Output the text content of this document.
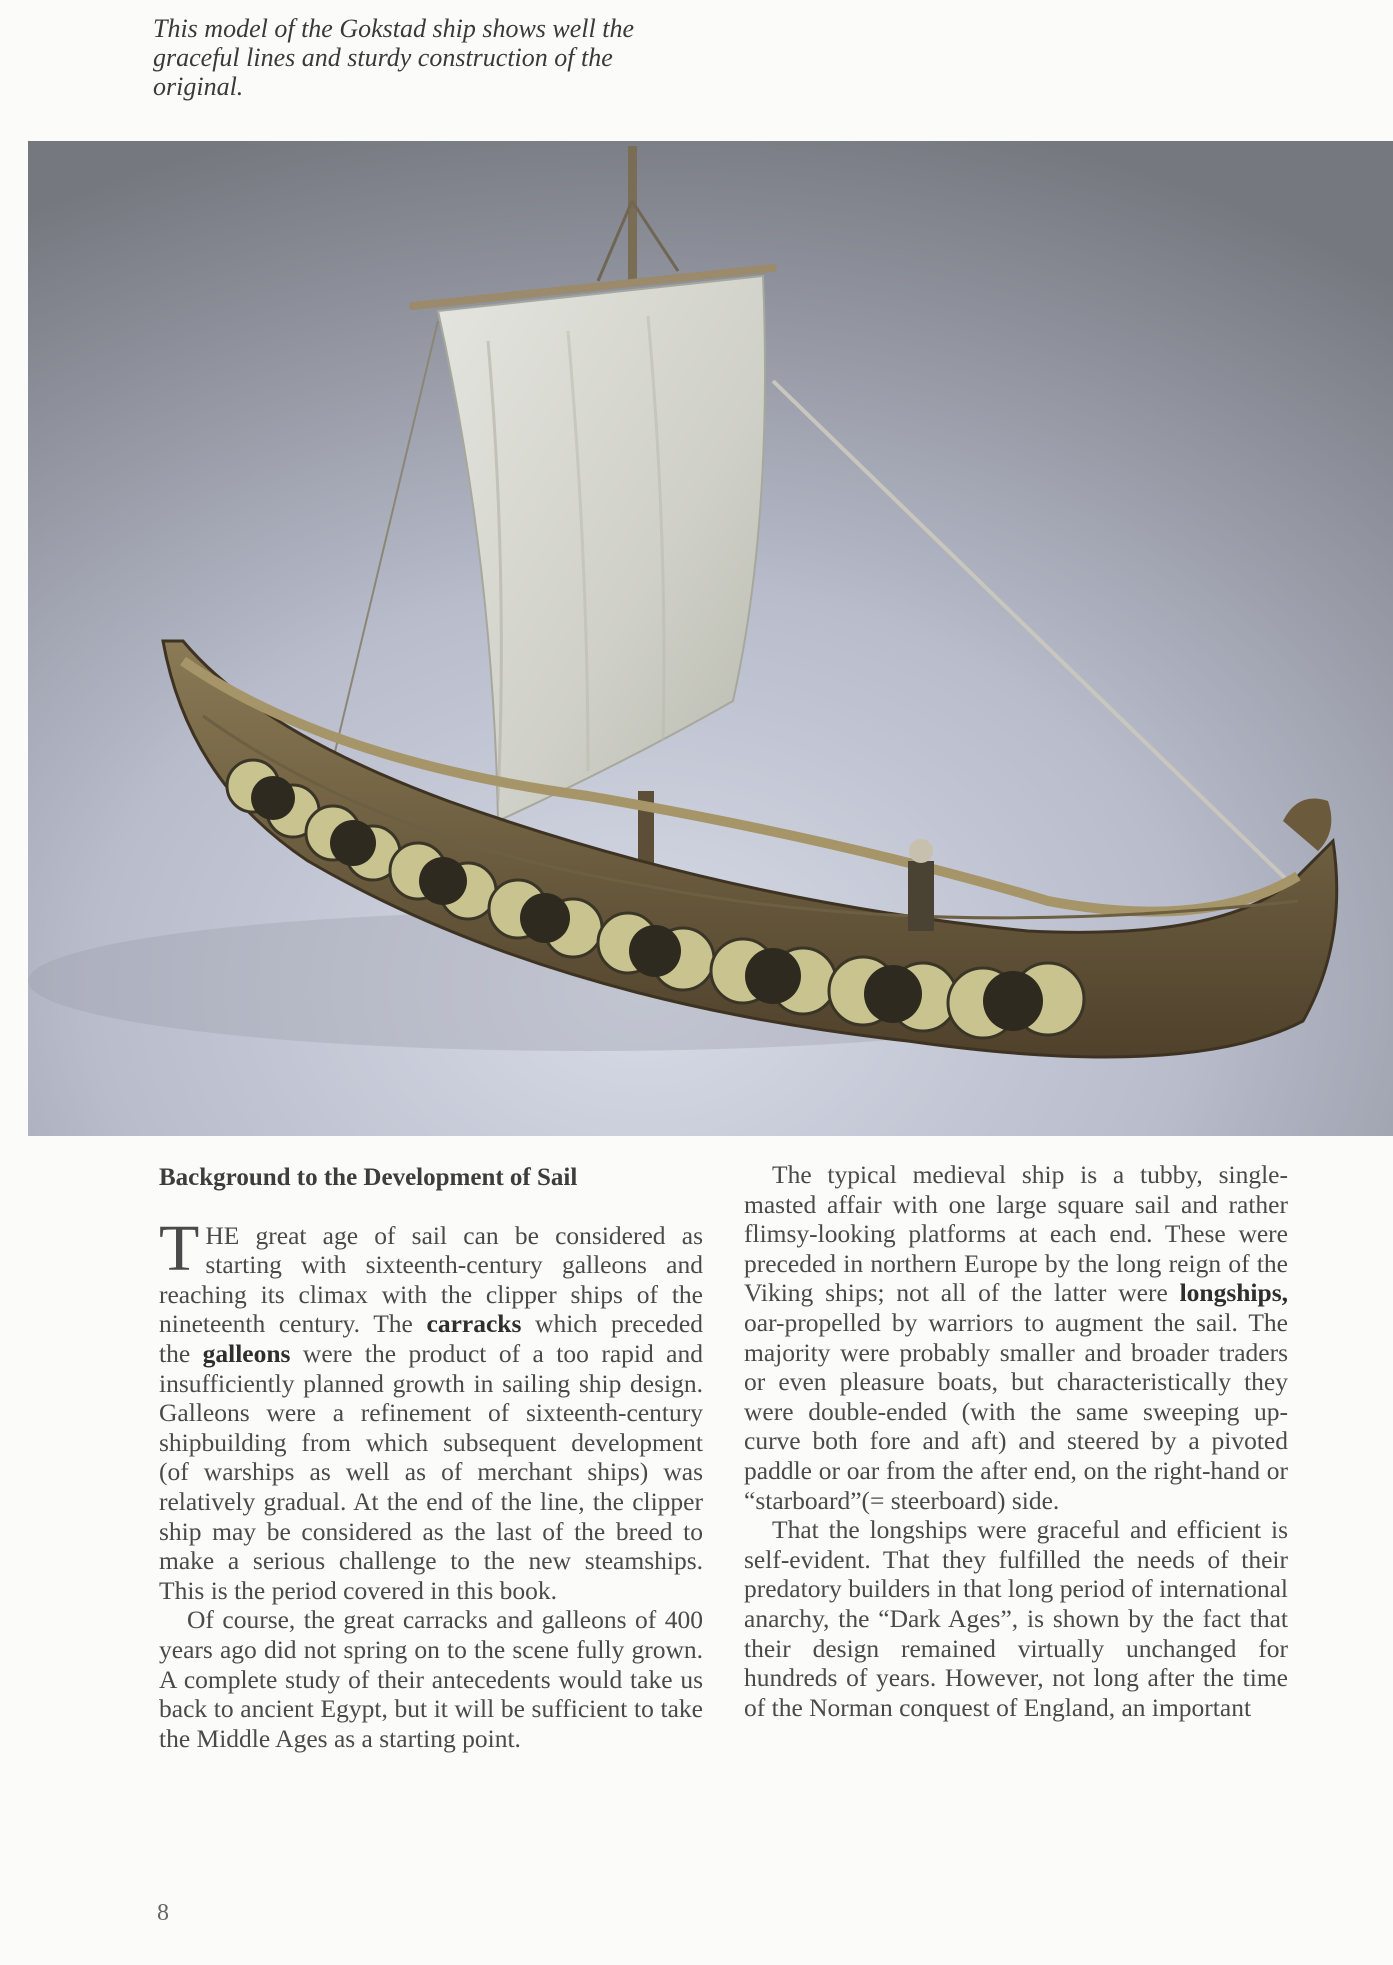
This model of the Gokstad ship shows well the graceful lines and sturdy construction of the original.

Background to the Development of Sail

THE great age of sail can be considered as starting with sixteenth-century galleons and reaching its climax with the clipper ships of the nineteenth century. The carracks which preceded the galleons were the product of a too rapid and insufficiently planned growth in sailing ship design. Galleons were a refinement of sixteenth-century shipbuilding from which subsequent development (of warships as well as of merchant ships) was relatively gradual. At the end of the line, the clipper ship may be considered as the last of the breed to make a serious challenge to the new steamships. This is the period covered in this book.

Of course, the great carracks and galleons of 400 years ago did not spring on to the scene fully grown. A complete study of their antecedents would take us back to ancient Egypt, but it will be sufficient to take the Middle Ages as a starting point.

The typical medieval ship is a tubby, single-masted affair with one large square sail and rather flimsy-looking platforms at each end. These were preceded in northern Europe by the long reign of the Viking ships; not all of the latter were longships, oar-propelled by warriors to augment the sail. The majority were probably smaller and broader traders or even pleasure boats, but characteristically they were double-ended (with the same sweeping up-curve both fore and aft) and steered by a pivoted paddle or oar from the after end, on the right-hand or “starboard”(= steerboard) side.

That the longships were graceful and efficient is self-evident. That they fulfilled the needs of their predatory builders in that long period of international anarchy, the “Dark Ages”, is shown by the fact that their design remained virtually unchanged for hundreds of years. However, not long after the time of the Norman conquest of England, an important

8
